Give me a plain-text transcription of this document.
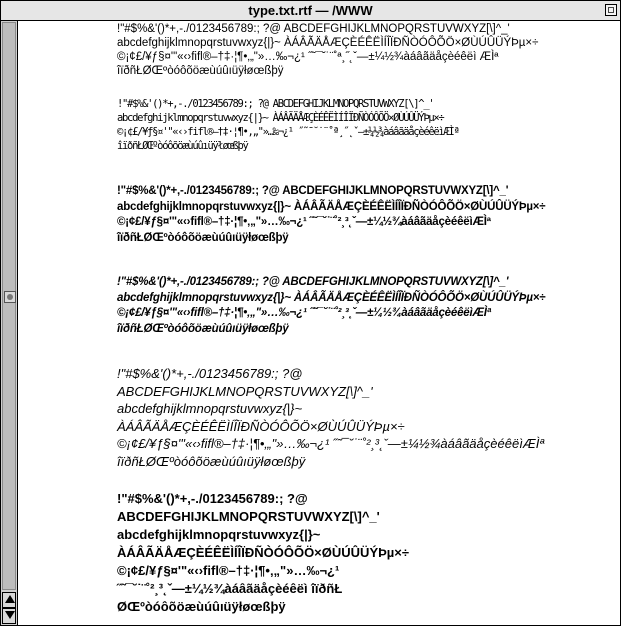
type.txt.rtf — /WWW
!"#$%&'()*+,-./0123456789:; ?@ ABCDEFGHIJKLMNOPQRSTUVWXYZ[\]^_'
abcdefghijklmnopqrstuvwxyz{|}~ ÀÁÂÃÄÅÆÇÈÉÊËÌÍÎÏÐÑÒÓÔÕÖ×ØÙÚÛÜÝÞµ×÷
©¡¢£/¥ƒ§¤'"«‹›fifl®–†‡·¦¶•‚„"»…‰¬¿¹ ˝˜¯˘˙¨˚ª¸˝˛ˇ—±¼½¾àáâãäåçèéêëì ÆÌª
îïðñŁØŒºòóôõöæùúûıüÿłøœßþÿ
!"#$%&'()*+,-./0123456789:; ?@ ABCDEFGHIJKLMNOPQRSTUVWXYZ[\]^_'
abcdefghijklmnopqrstuvwxyz{|}~ ÀÁÂÃÄÅÆÇÈÉÊËÌÍÎÏÐÑÒÓÔÕÖ×ØÙÚÛÜÝÞµ×÷
©¡¢£/¥ƒ§¤'"«‹›fifl®–†‡·¦¶•‚„"»…‰¬¿¹ ˝˜¯˘˙¨˚ª¸˝˛ˇ—±¼½¾àáâãäåçèéêëìÆÌª
îïðñŁØŒºòóôõöæùúûıüÿłøœßþÿ
!"#$%&'()*+,-./0123456789:; ?@ ABCDEFGHIJKLMNOPQRSTUVWXYZ[\]^_'
abcdefghijklmnopqrstuvwxyz{|}~ ÀÁÂÃÄÅÆÇÈÉÊËÌÍÎÏÐÑÒÓÔÕÖ×ØÙÚÛÜÝÞµ×÷
©¡¢£/¥ƒ§¤'"«‹›fifl®–†‡·¦¶•‚„"»…‰¬¿¹ ˝˜¯˘˙¨˚²¸³˛ˇ—±¼½¾àáâãäåçèéêëìÆÌª
îïðñŁØŒºòóôõöæùúûıüÿłøœßþÿ
!"#$%&'()*+,-./0123456789:; ?@ ABCDEFGHIJKLMNOPQRSTUVWXYZ[\]^_'
abcdefghijklmnopqrstuvwxyz{|}~ ÀÁÂÃÄÅÆÇÈÉÊËÌÍÎÏÐÑÒÓÔÕÖ×ØÙÚÛÜÝÞµ×÷
©¡¢£/¥ƒ§¤'"«‹›fifl®–†‡·¦¶•‚„"»…‰¬¿¹ ˝˜¯˘˙¨˚²¸³˛ˇ—±¼½¾àáâãäåçèéêëìÆÌª
îïðñŁØŒºòóôõöæùúûıüÿłøœßþÿ
!"#$%&'()*+,-./0123456789:; ?@
ABCDEFGHIJKLMNOPQRSTUVWXYZ[\]^_'
abcdefghijklmnopqrstuvwxyz{|}~
ÀÁÂÃÄÅÆÇÈÉÊËÌÍÎÏÐÑÒÓÔÕÖ×ØÙÚÛÜÝÞµ×÷
©¡¢£/¥ƒ§¤'"«‹›fifl®–†‡·¦¶•‚„"»…‰¬¿¹ ˝˜¯˘˙¨˚²¸³˛ˇ—±¼½¾àáâãäåçèéêëìÆÌª
îïðñŁØŒºòóôõöæùúûıüÿłøœßþÿ
!"#$%&'()*+,-./0123456789:; ?@
ABCDEFGHIJKLMNOPQRSTUVWXYZ[\]^_'
abcdefghijklmnopqrstuvwxyz{|}~
ÀÁÂÃÄÅÆÇÈÉÊËÌÍÎÏÐÑÒÓÔÕÖ×ØÙÚÛÜÝÞµ×÷
©¡¢£/¥ƒ§¤'"«‹›fifl®–†‡·¦¶•‚„"»…‰¬¿¹
˝˜¯˘˙¨˚²¸³˛ˇ—±¼½¾àáâãäåçèéêëì îïðñŁ
ØŒºòóôõöæùúûıüÿłøœßþÿ
